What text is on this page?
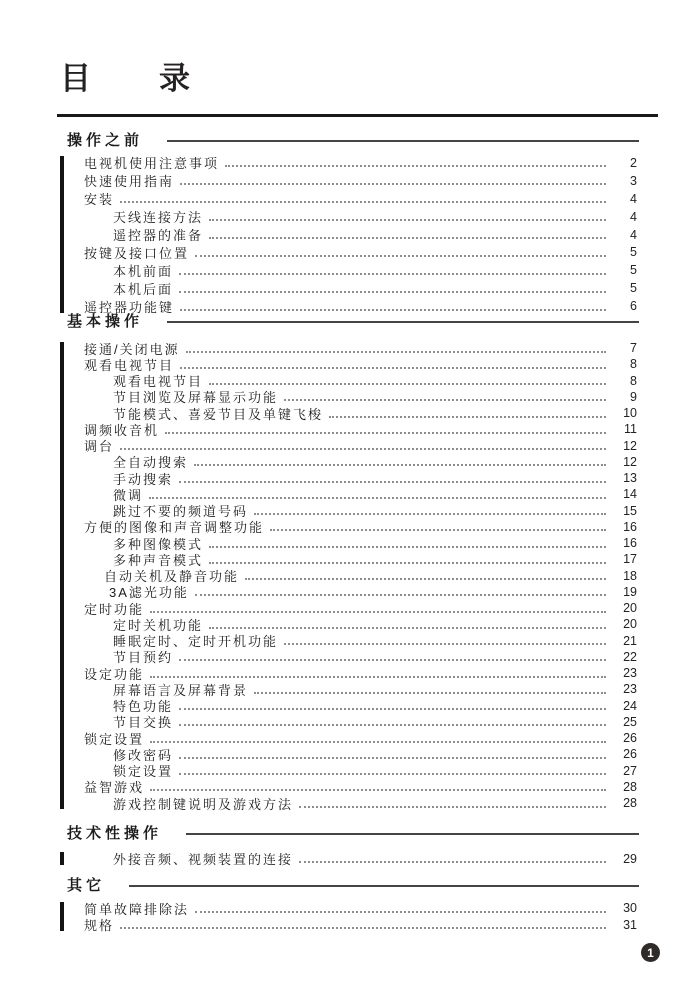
目　　录
操作之前
电视机使用注意事项	2
快速使用指南	3
安装	4
天线连接方法	4
遥控器的准备	4
按键及接口位置	5
本机前面	5
本机后面	5
遥控器功能键	6
基本操作
接通/关闭电源	7
观看电视节目	8
观看电视节目	8
节目浏览及屏幕显示功能	9
节能模式、喜爱节目及单键飞梭	10
调频收音机	11
调台	12
全自动搜索	12
手动搜索	13
微调	14
跳过不要的频道号码	15
方便的图像和声音调整功能	16
多种图像模式	16
多种声音模式	17
自动关机及静音功能	18
3A滤光功能	19
定时功能	20
定时关机功能	20
睡眠定时、定时开机功能	21
节目预约	22
设定功能	23
屏幕语言及屏幕背景	23
特色功能	24
节目交换	25
锁定设置	26
修改密码	26
锁定设置	27
益智游戏	28
游戏控制键说明及游戏方法	28
技术性操作
外接音频、视频装置的连接	29
其它
简单故障排除法	30
规格	31
1
